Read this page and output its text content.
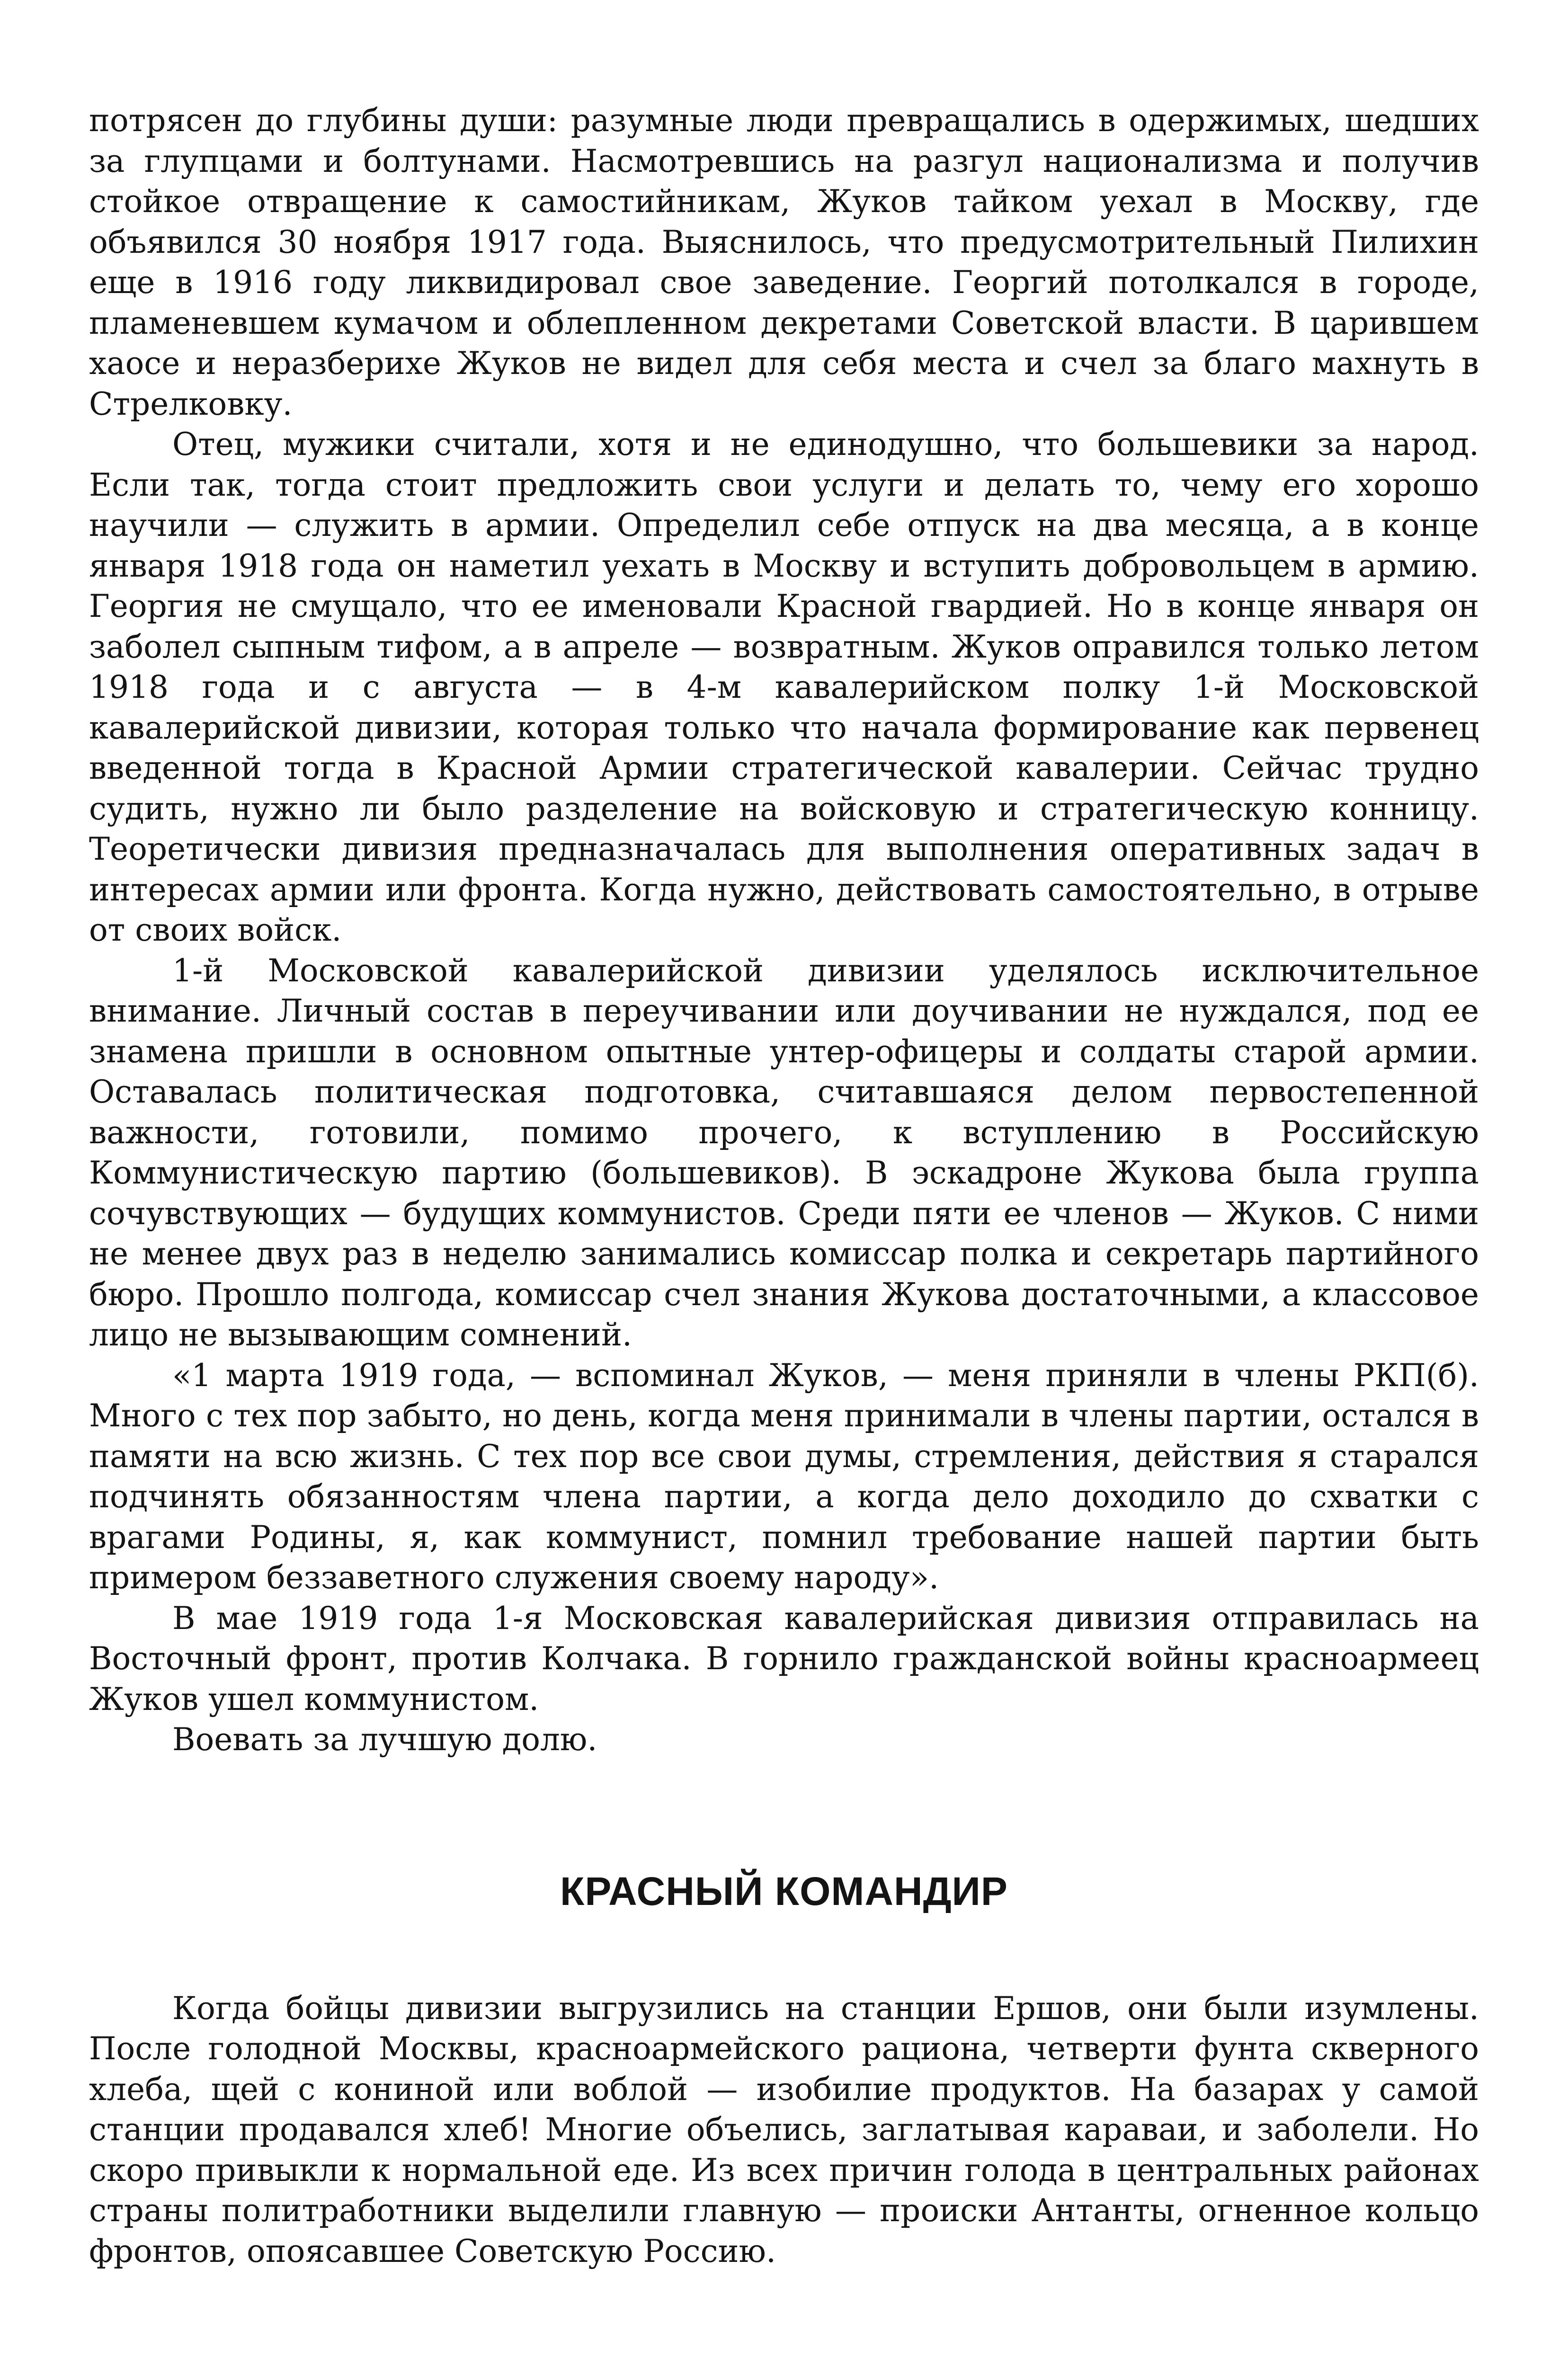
потрясен до глубины души: разумные люди превращались в одержимых, шедших за глупцами и болтунами. Насмотревшись на разгул национализма и получив стойкое отвращение к самостийникам, Жуков тайком уехал в Москву, где объявился 30 ноября 1917 года. Выяснилось, что предусмотрительный Пилихин еще в 1916 году ликвидировал свое заведение. Георгий потолкался в городе, пламеневшем кумачом и облепленном декретами Советской власти. В царившем хаосе и неразберихе Жуков не видел для себя места и счел за благо махнуть в Стрелковку.

Отец, мужики считали, хотя и не единодушно, что большевики за народ. Если так, тогда стоит предложить свои услуги и делать то, чему его хорошо научили — служить в армии. Определил себе отпуск на два месяца, а в конце января 1918 года он наметил уехать в Москву и вступить добровольцем в армию. Георгия не смущало, что ее именовали Красной гвардией. Но в конце января он заболел сыпным тифом, а в апреле — возвратным. Жуков оправился только летом 1918 года и с августа — в 4-м кавалерийском полку 1-й Московской кавалерийской дивизии, которая только что начала формирование как первенец введенной тогда в Красной Армии стратегической кавалерии. Сейчас трудно судить, нужно ли было разделение на войсковую и стратегическую конницу. Теоретически дивизия предназначалась для выполнения оперативных задач в интересах армии или фронта. Когда нужно, действовать самостоятельно, в отрыве от своих войск.

1-й Московской кавалерийской дивизии уделялось исключительное внимание. Личный состав в переучивании или доучивании не нуждался, под ее знамена пришли в основном опытные унтер-офицеры и солдаты старой армии. Оставалась политическая подготовка, считавшаяся делом первостепенной важности, готовили, помимо прочего, к вступлению в Российскую Коммунистическую партию (большевиков). В эскадроне Жукова была группа сочувствующих — будущих коммунистов. Среди пяти ее членов — Жуков. С ними не менее двух раз в неделю занимались комиссар полка и секретарь партийного бюро. Прошло полгода, комиссар счел знания Жукова достаточными, а классовое лицо не вызывающим сомнений.

«1 марта 1919 года, — вспоминал Жуков, — меня приняли в члены РКП(б). Много с тех пор забыто, но день, когда меня принимали в члены партии, остался в памяти на всю жизнь. С тех пор все свои думы, стремления, действия я старался подчинять обязанностям члена партии, а когда дело доходило до схватки с врагами Родины, я, как коммунист, помнил требование нашей партии быть примером беззаветного служения своему народу».

В мае 1919 года 1-я Московская кавалерийская дивизия отправилась на Восточный фронт, против Колчака. В горнило гражданской войны красноармеец Жуков ушел коммунистом.

Воевать за лучшую долю.

КРАСНЫЙ КОМАНДИР

Когда бойцы дивизии выгрузились на станции Ершов, они были изумлены. После голодной Москвы, красноармейского рациона, четверти фунта скверного хлеба, щей с кониной или воблой — изобилие продуктов. На базарах у самой станции продавался хлеб! Многие объелись, заглатывая караваи, и заболели. Но скоро привыкли к нормальной еде. Из всех причин голода в центральных районах страны политработники выделили главную — происки Антанты, огненное кольцо фронтов, опоясавшее Советскую Россию.
